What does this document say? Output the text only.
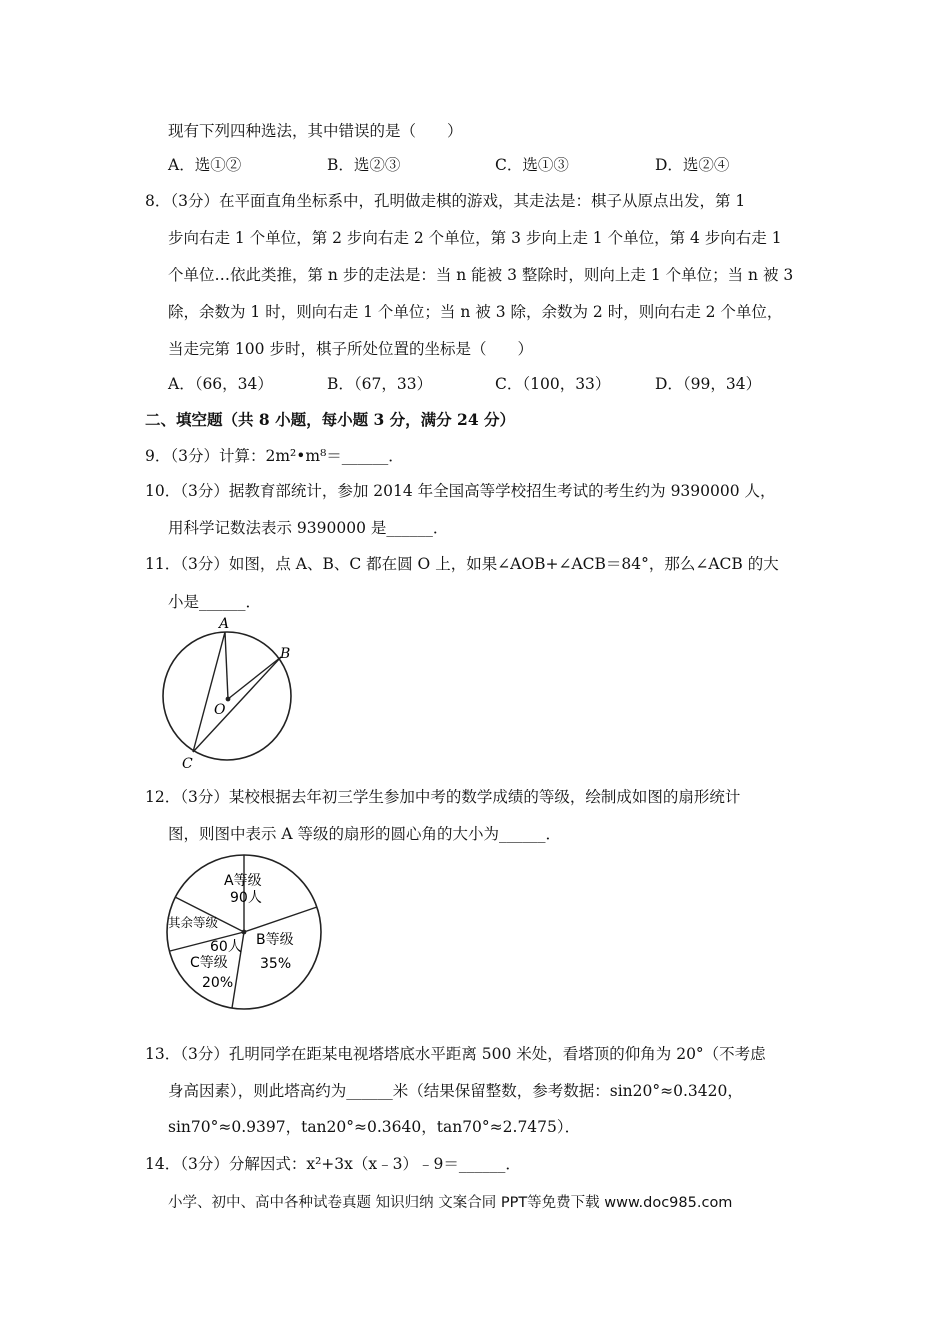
现有下列四种选法，其中错误的是（　　）
A．选①②	B．选②③	C．选①③	D．选②④
8．（3分）在平面直角坐标系中，孔明做走棋的游戏，其走法是：棋子从原点出发，第 1
步向右走 1 个单位，第 2 步向右走 2 个单位，第 3 步向上走 1 个单位，第 4 步向右走 1
个单位…依此类推，第 n 步的走法是：当 n 能被 3 整除时，则向上走 1 个单位；当 n 被 3
除，余数为 1 时，则向右走 1 个单位；当 n 被 3 除，余数为 2 时，则向右走 2 个单位，
当走完第 100 步时，棋子所处位置的坐标是（　　）
A．（66，34）	B．（67，33）	C．（100，33）	D．（99，34）
二、填空题（共 8 小题，每小题 3 分，满分 24 分）
9．（3分）计算：2m²•m⁸＝______．
10．（3分）据教育部统计，参加 2014 年全国高等学校招生考试的考生约为 9390000 人，
用科学记数法表示 9390000 是______．
11．（3分）如图，点 A、B、C 都在圆 O 上，如果∠AOB+∠ACB＝84°，那么∠ACB 的大
小是______．
A
B
O
C
12．（3分）某校根据去年初三学生参加中考的数学成绩的等级，绘制成如图的扇形统计
图，则图中表示 A 等级的扇形的圆心角的大小为______．
A等级
90人
其余等级
60人 B等级
35%
C等级
20%
13．（3分）孔明同学在距某电视塔塔底水平距离 500 米处，看塔顶的仰角为 20°（不考虑
身高因素），则此塔高约为______米（结果保留整数，参考数据：sin20°≈0.3420，
sin70°≈0.9397，tan20°≈0.3640，tan70°≈2.7475）．
14．（3分）分解因式：x²+3x（x﹣3）﹣9＝______．
小学、初中、高中各种试卷真题 知识归纳 文案合同 PPT等免费下载 www.doc985.com
